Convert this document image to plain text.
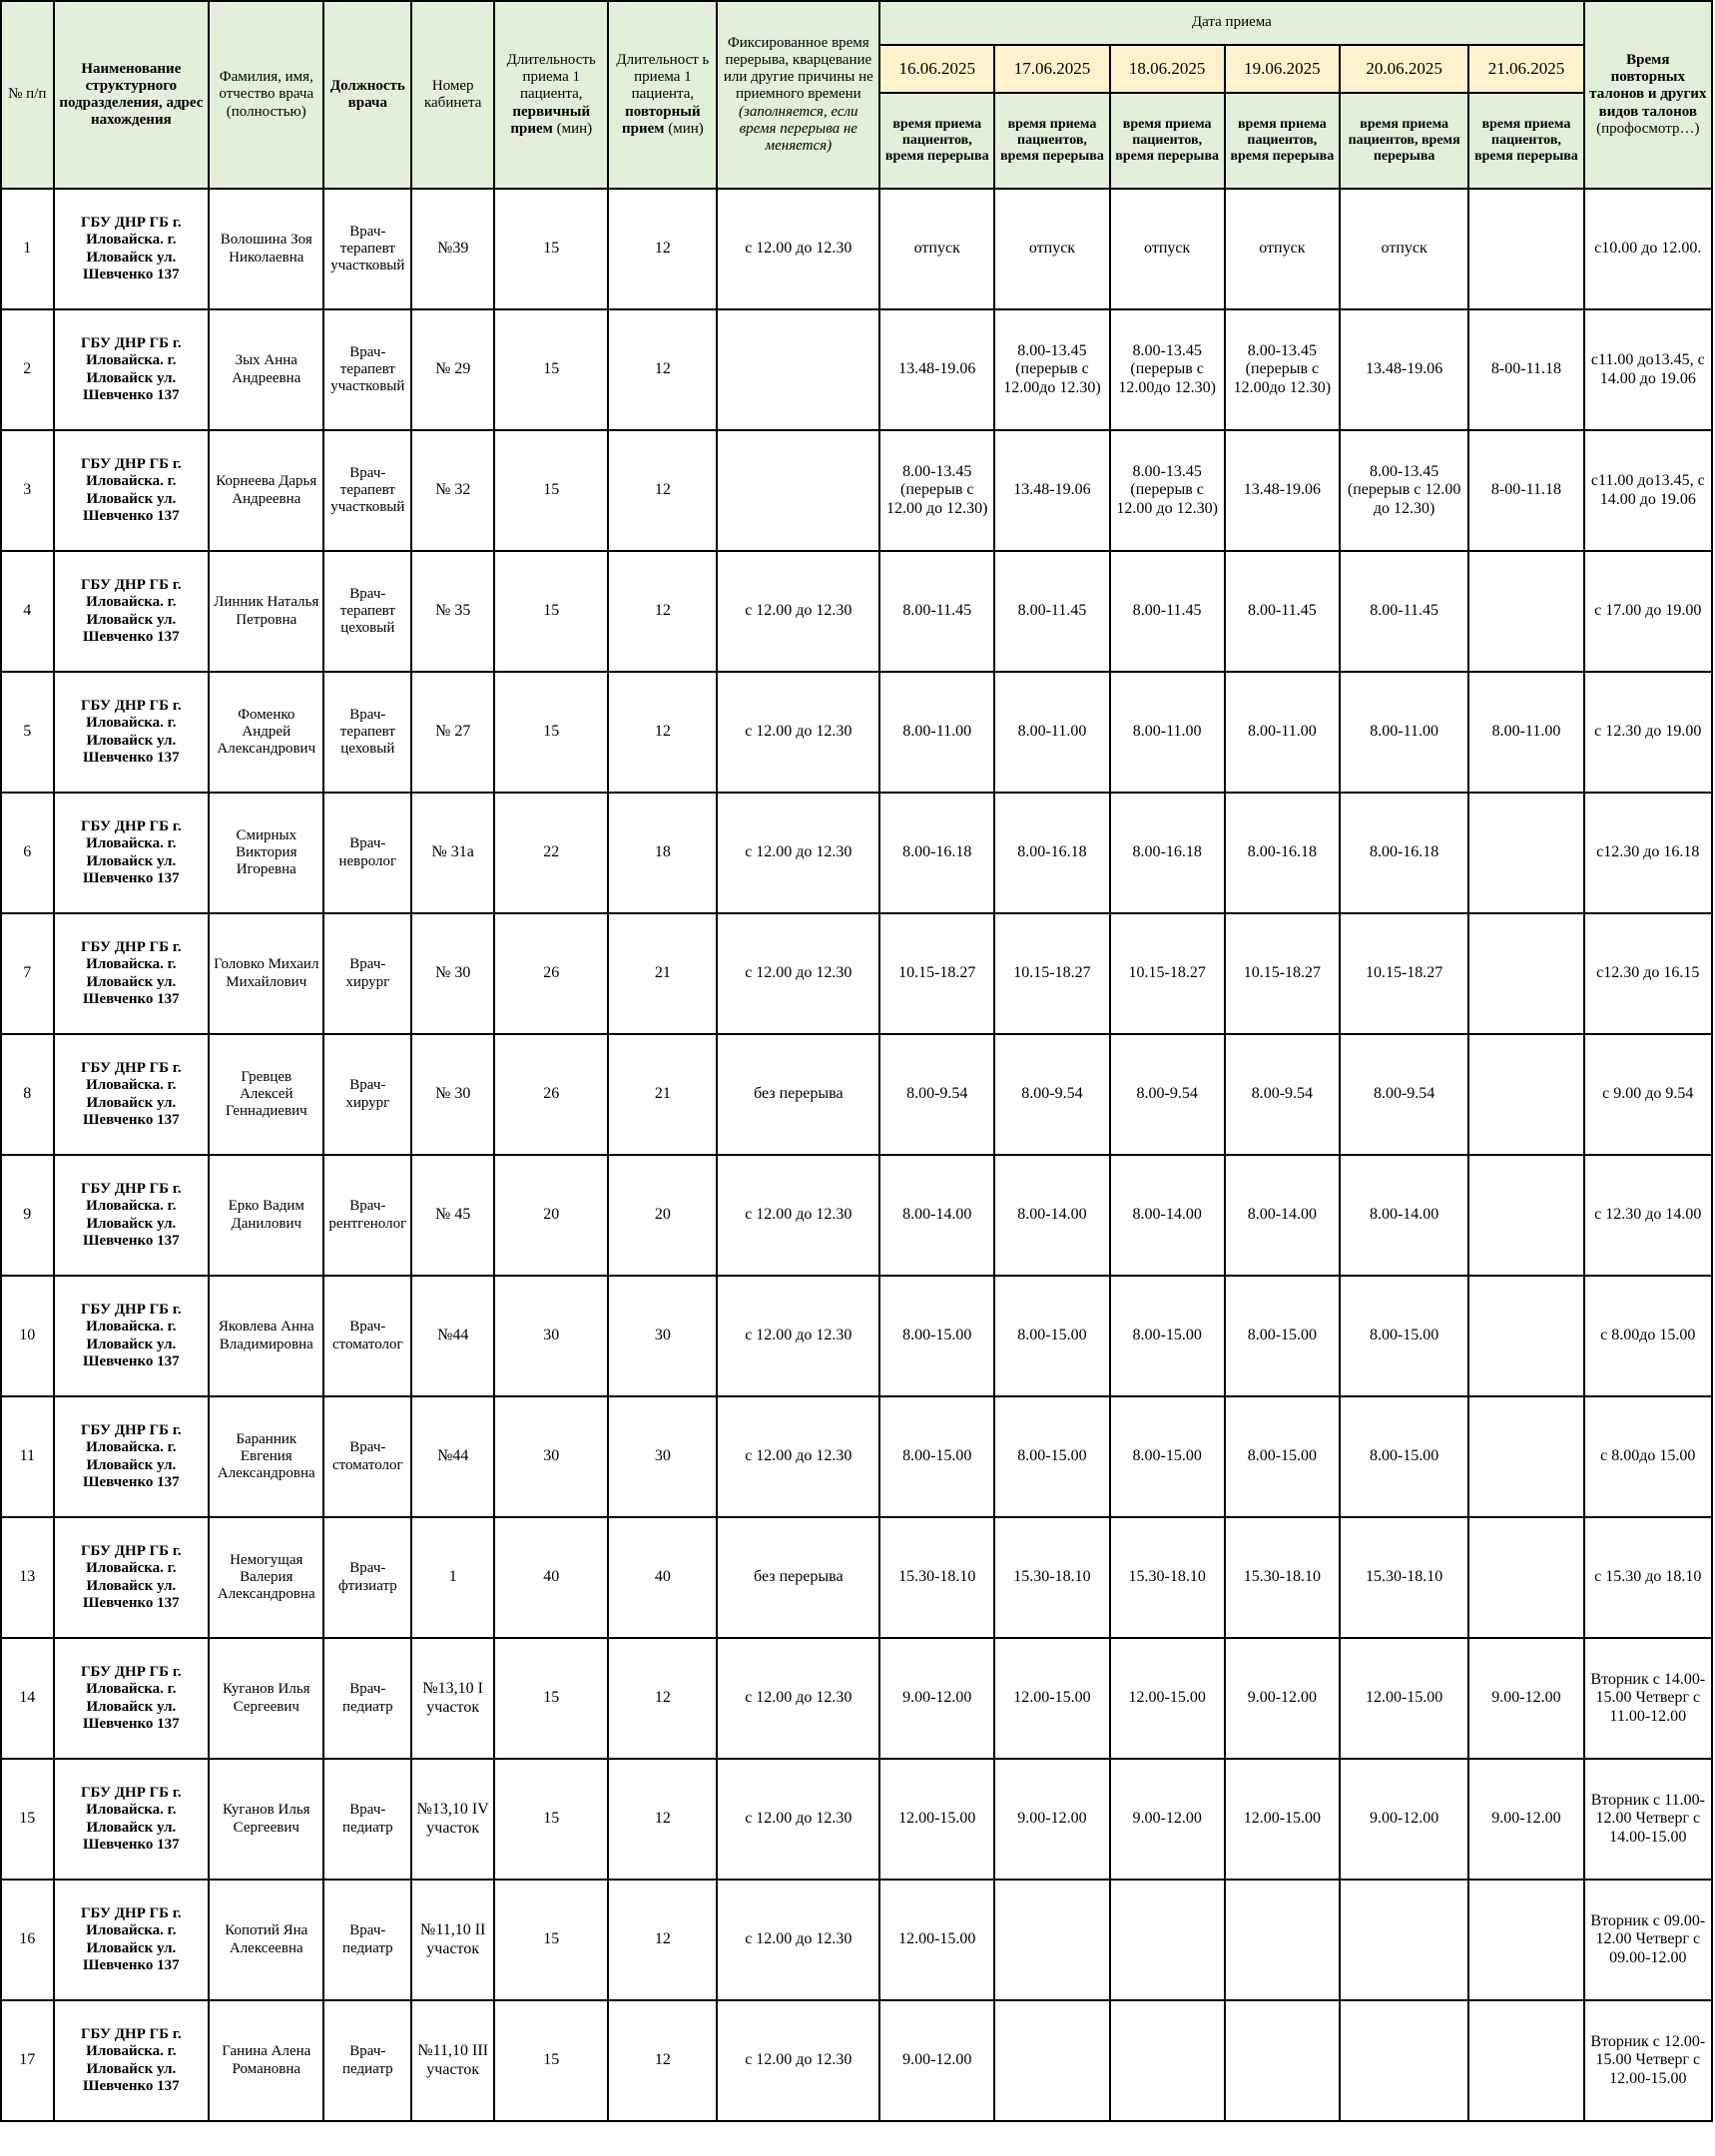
№ п/п	Наименование структурного подразделения, адрес нахождения	Фамилия, имя, отчество врача (полностью)	Должность врача	Номер кабинета	Длительность приема 1 пациента, первичный прием (мин)	Длительност ь приема 1 пациента, повторный прием (мин)	Фиксированное время перерыва, кварцевание или другие причины не приемного времени (заполняется, если время перерыва не меняется)	Дата приема						Время повторных талонов и других видов талонов (профосмотр…)
								16.06.2025	17.06.2025	18.06.2025	19.06.2025	20.06.2025	21.06.2025	
								время приема пациентов, время перерыва	время приема пациентов, время перерыва	время приема пациентов, время перерыва	время приема пациентов, время перерыва	время приема пациентов, время перерыва	время приема пациентов, время перерыва	
1	ГБУ ДНР ГБ г. Иловайска. г. Иловайск ул. Шевченко 137	Волошина Зоя Николаевна	Врач-терапевт участковый	№39	15	12	с 12.00 до 12.30	отпуск	отпуск	отпуск	отпуск	отпуск		с10.00 до 12.00.
2	ГБУ ДНР ГБ г. Иловайска. г. Иловайск ул. Шевченко 137	Зых Анна Андреевна	Врач-терапевт участковый	№ 29	15	12		13.48-19.06	8.00-13.45 (перерыв с 12.00до 12.30)	8.00-13.45 (перерыв с 12.00до 12.30)	8.00-13.45 (перерыв с 12.00до 12.30)	13.48-19.06	8-00-11.18	с11.00 до13.45, с 14.00 до 19.06
3	ГБУ ДНР ГБ г. Иловайска. г. Иловайск ул. Шевченко 137	Корнеева Дарья Андреевна	Врач-терапевт участковый	№ 32	15	12		8.00-13.45 (перерыв с 12.00 до 12.30)	13.48-19.06	8.00-13.45 (перерыв с 12.00 до 12.30)	13.48-19.06	8.00-13.45 (перерыв с 12.00 до 12.30)	8-00-11.18	с11.00 до13.45, с 14.00 до 19.06
4	ГБУ ДНР ГБ г. Иловайска. г. Иловайск ул. Шевченко 137	Линник Наталья Петровна	Врач-терапевт цеховый	№ 35	15	12	с 12.00 до 12.30	8.00-11.45	8.00-11.45	8.00-11.45	8.00-11.45	8.00-11.45		с 17.00 до 19.00
5	ГБУ ДНР ГБ г. Иловайска. г. Иловайск ул. Шевченко 137	Фоменко Андрей Александрович	Врач-терапевт цеховый	№ 27	15	12	с 12.00 до 12.30	8.00-11.00	8.00-11.00	8.00-11.00	8.00-11.00	8.00-11.00	8.00-11.00	с 12.30 до 19.00
6	ГБУ ДНР ГБ г. Иловайска. г. Иловайск ул. Шевченко 137	Смирных Виктория Игоревна	Врач-невролог	№ 31а	22	18	с 12.00 до 12.30	8.00-16.18	8.00-16.18	8.00-16.18	8.00-16.18	8.00-16.18		с12.30 до 16.18
7	ГБУ ДНР ГБ г. Иловайска. г. Иловайск ул. Шевченко 137	Головко Михаил Михайлович	Врач-хирург	№ 30	26	21	с 12.00 до 12.30	10.15-18.27	10.15-18.27	10.15-18.27	10.15-18.27	10.15-18.27		с12.30 до 16.15
8	ГБУ ДНР ГБ г. Иловайска. г. Иловайск ул. Шевченко 137	Гревцев Алексей Геннадиевич	Врач-хирург	№ 30	26	21	без перерыва	8.00-9.54	8.00-9.54	8.00-9.54	8.00-9.54	8.00-9.54		с 9.00 до 9.54
9	ГБУ ДНР ГБ г. Иловайска. г. Иловайск ул. Шевченко 137	Ерко Вадим Данилович	Врач-рентгенолог	№ 45	20	20	с 12.00 до 12.30	8.00-14.00	8.00-14.00	8.00-14.00	8.00-14.00	8.00-14.00		с 12.30 до 14.00
10	ГБУ ДНР ГБ г. Иловайска. г. Иловайск ул. Шевченко 137	Яковлева Анна Владимировна	Врач-стоматолог	№44	30	30	с 12.00 до 12.30	8.00-15.00	8.00-15.00	8.00-15.00	8.00-15.00	8.00-15.00		с 8.00до 15.00
11	ГБУ ДНР ГБ г. Иловайска. г. Иловайск ул. Шевченко 137	Баранник Евгения Александровна	Врач-стоматолог	№44	30	30	с 12.00 до 12.30	8.00-15.00	8.00-15.00	8.00-15.00	8.00-15.00	8.00-15.00		с 8.00до 15.00
13	ГБУ ДНР ГБ г. Иловайска. г. Иловайск ул. Шевченко 137	Немогущая Валерия Александровна	Врач-фтизиатр	1	40	40	без перерыва	15.30-18.10	15.30-18.10	15.30-18.10	15.30-18.10	15.30-18.10		с 15.30 до 18.10
14	ГБУ ДНР ГБ г. Иловайска. г. Иловайск ул. Шевченко 137	Куганов Илья Сергеевич	Врач-педиатр	№13,10 I участок	15	12	с 12.00 до 12.30	9.00-12.00	12.00-15.00	12.00-15.00	9.00-12.00	12.00-15.00	9.00-12.00	Вторник с 14.00-15.00 Четверг с 11.00-12.00
15	ГБУ ДНР ГБ г. Иловайска. г. Иловайск ул. Шевченко 137	Куганов Илья Сергеевич	Врач-педиатр	№13,10 IV участок	15	12	с 12.00 до 12.30	12.00-15.00	9.00-12.00	9.00-12.00	12.00-15.00	9.00-12.00	9.00-12.00	Вторник с 11.00-12.00 Четверг с 14.00-15.00
16	ГБУ ДНР ГБ г. Иловайска. г. Иловайск ул. Шевченко 137	Копотий Яна Алексеевна	Врач-педиатр	№11,10 II участок	15	12	с 12.00 до 12.30	12.00-15.00						Вторник с 09.00-12.00 Четверг с 09.00-12.00
17	ГБУ ДНР ГБ г. Иловайска. г. Иловайск ул. Шевченко 137	Ганина Алена Романовна	Врач-педиатр	№11,10 III участок	15	12	с 12.00 до 12.30	9.00-12.00						Вторник с 12.00-15.00 Четверг с 12.00-15.00
